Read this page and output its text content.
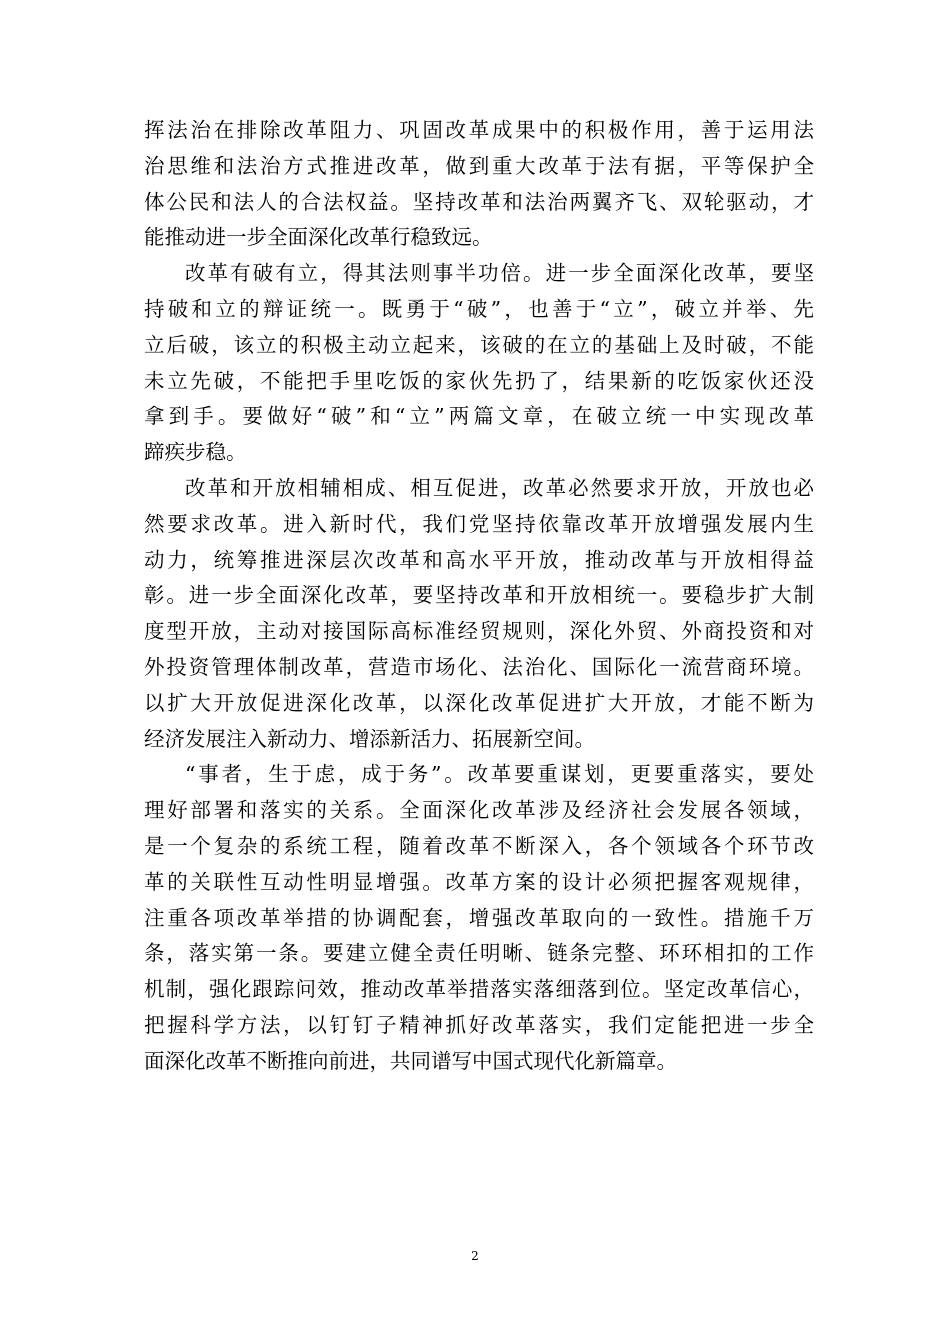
挥法治在排除改革阻力、巩固改革成果中的积极作用，善于运用法
治思维和法治方式推进改革，做到重大改革于法有据，平等保护全
体公民和法人的合法权益。坚持改革和法治两翼齐飞、双轮驱动，才
能推动进一步全面深化改革行稳致远。
改革有破有立，得其法则事半功倍。进一步全面深化改革，要坚
持破和立的辩证统一。既勇于“破”，也善于“立”，破立并举、先
立后破，该立的积极主动立起来，该破的在立的基础上及时破，不能
未立先破，不能把手里吃饭的家伙先扔了，结果新的吃饭家伙还没
拿到手。要做好“破”和“立”两篇文章，在破立统一中实现改革
蹄疾步稳。
改革和开放相辅相成、相互促进，改革必然要求开放，开放也必
然要求改革。进入新时代，我们党坚持依靠改革开放增强发展内生
动力，统筹推进深层次改革和高水平开放，推动改革与开放相得益
彰。进一步全面深化改革，要坚持改革和开放相统一。要稳步扩大制
度型开放，主动对接国际高标准经贸规则，深化外贸、外商投资和对
外投资管理体制改革，营造市场化、法治化、国际化一流营商环境。
以扩大开放促进深化改革，以深化改革促进扩大开放，才能不断为
经济发展注入新动力、增添新活力、拓展新空间。
“事者，生于虑，成于务”。改革要重谋划，更要重落实，要处
理好部署和落实的关系。全面深化改革涉及经济社会发展各领域，
是一个复杂的系统工程，随着改革不断深入，各个领域各个环节改
革的关联性互动性明显增强。改革方案的设计必须把握客观规律，
注重各项改革举措的协调配套，增强改革取向的一致性。措施千万
条，落实第一条。要建立健全责任明晰、链条完整、环环相扣的工作
机制，强化跟踪问效，推动改革举措落实落细落到位。坚定改革信心，
把握科学方法，以钉钉子精神抓好改革落实，我们定能把进一步全
面深化改革不断推向前进，共同谱写中国式现代化新篇章。
2
